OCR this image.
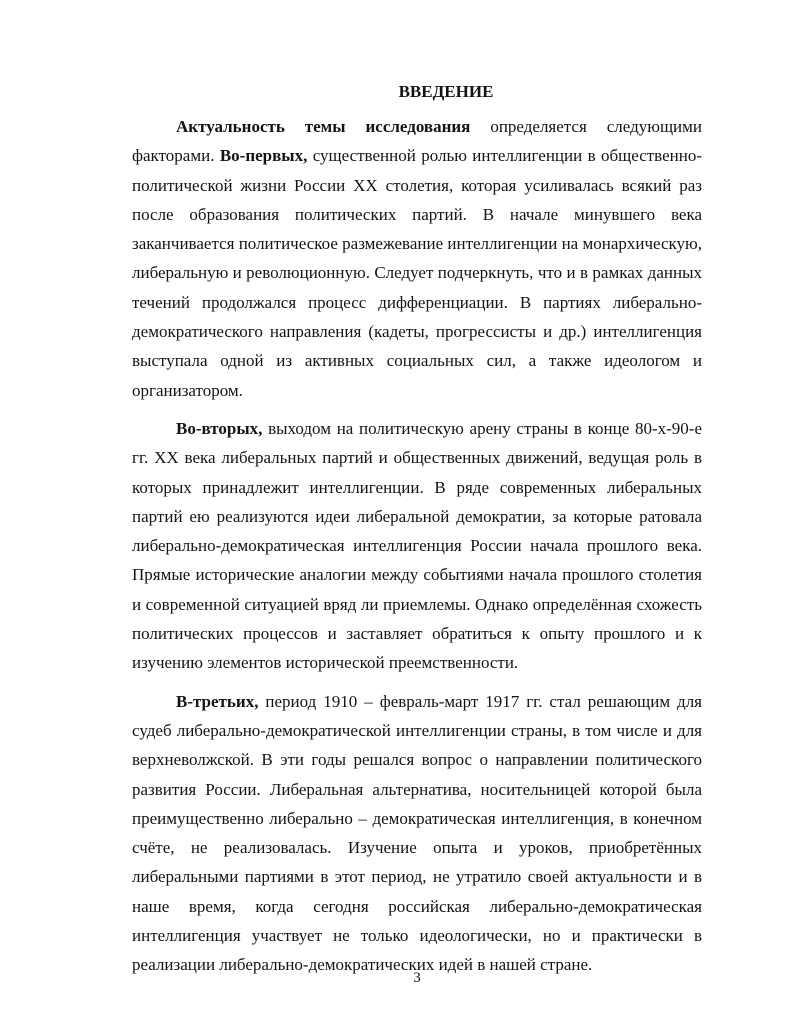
ВВЕДЕНИЕ

Актуальность темы исследования определяется следующими факторами. Во-первых, существенной ролью интеллигенции в общественно-политической жизни России XX столетия, которая усиливалась всякий раз после образования политических партий. В начале минувшего века заканчивается политическое размежевание интеллигенции на монархическую, либеральную и революционную. Следует подчеркнуть, что и в рамках данных течений продолжался процесс дифференциации. В партиях либерально-демократического направления (кадеты, прогрессисты и др.) интеллигенция выступала одной из активных социальных сил, а также идеологом и организатором.

Во-вторых, выходом на политическую арену страны в конце 80-х-90-е гг. XX века либеральных партий и общественных движений, ведущая роль в которых принадлежит интеллигенции. В ряде современных либеральных партий ею реализуются идеи либеральной демократии, за которые ратовала либерально-демократическая интеллигенция России начала прошлого века. Прямые исторические аналогии между событиями начала прошлого столетия и современной ситуацией вряд ли приемлемы. Однако определённая схожесть политических процессов и заставляет обратиться к опыту прошлого и к изучению элементов исторической преемственности.

В-третьих, период 1910 – февраль-март 1917 гг. стал решающим для судеб либерально-демократической интеллигенции страны, в том числе и для верхневолжской. В эти годы решался вопрос о направлении политического развития России. Либеральная альтернатива, носительницей которой была преимущественно либерально – демократическая интеллигенция, в конечном счёте, не реализовалась. Изучение опыта и уроков, приобретённых либеральными партиями в этот период, не утратило своей актуальности и в наше время, когда сегодня российская либерально-демократическая интеллигенция участвует не только идеологически, но и практически в реализации либерально-демократических идей в нашей стране.

3
